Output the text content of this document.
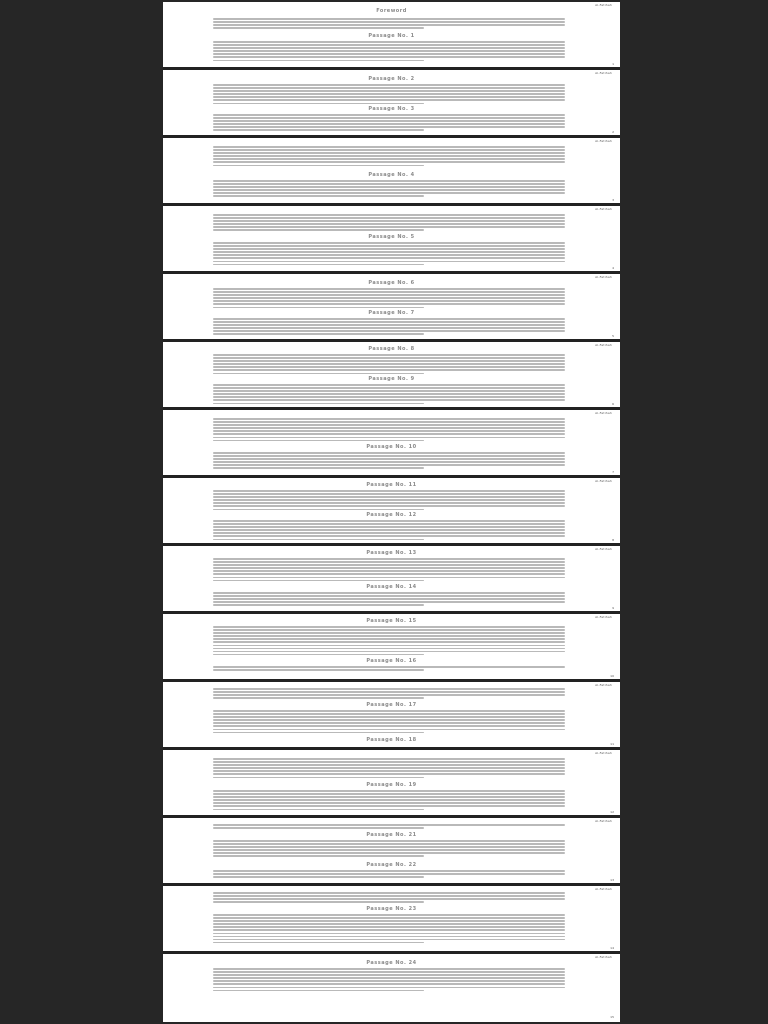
Al-Fatihah
Foreword
Passage No. 1
1
Al-Fatihah
Passage No. 2
Passage No. 3
2
Al-Fatihah
Passage No. 4
3
Al-Fatihah
Passage No. 5
4
Al-Fatihah
Passage No. 6
Passage No. 7
5
Al-Fatihah
Passage No. 8
Passage No. 9
6
Al-Fatihah
Passage No. 10
7
Al-Fatihah
Passage No. 11
Passage No. 12
8
Al-Fatihah
Passage No. 13
Passage No. 14
9
Al-Fatihah
Passage No. 15
Passage No. 16
10
Al-Fatihah
Passage No. 17
Passage No. 18
11
Al-Fatihah
Passage No. 19
12
Al-Fatihah
Passage No. 21
Passage No. 22
13
Al-Fatihah
Passage No. 23
14
Al-Fatihah
Passage No. 24
15
